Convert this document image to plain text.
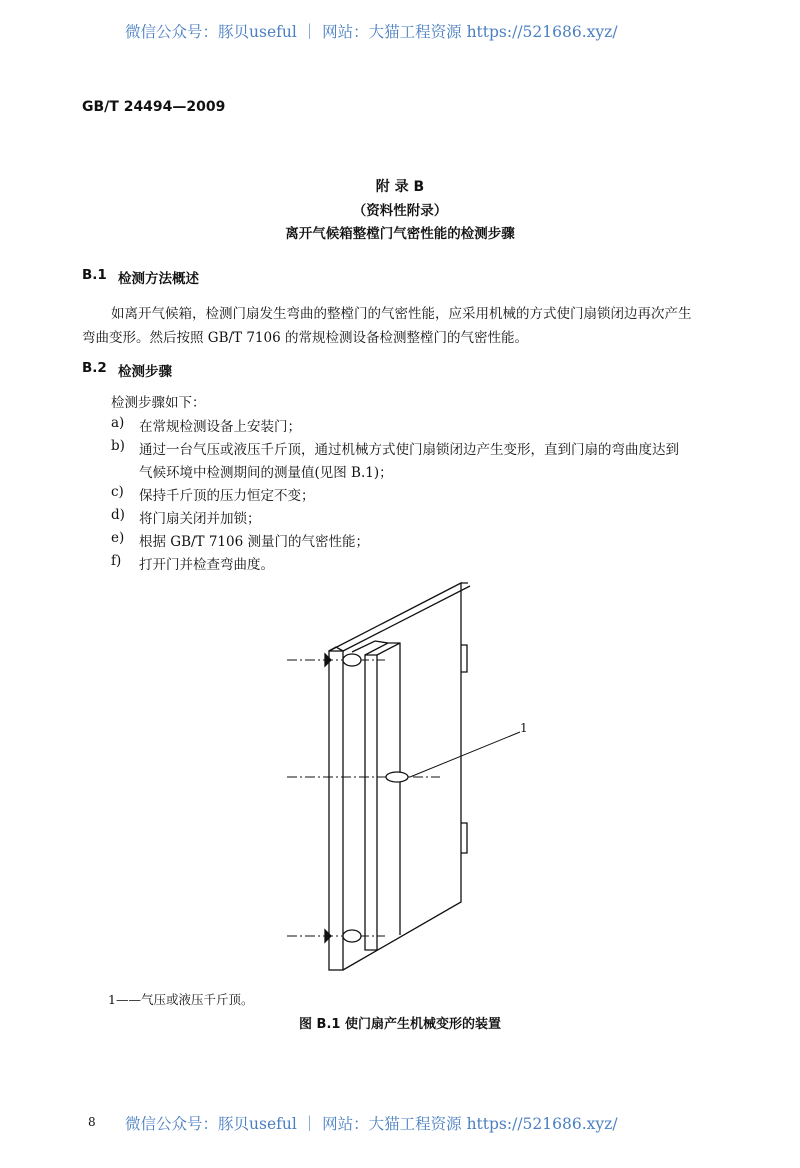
微信公众号：豚贝useful ｜ 网站：大猫工程资源 https://521686.xyz/
GB/T 24494—2009
附 录 B
（资料性附录）
离开气候箱整樘门气密性能的检测步骤
B.1 检测方法概述
如离开气候箱，检测门扇发生弯曲的整樘门的气密性能，应采用机械的方式使门扇锁闭边再次产生
弯曲变形。然后按照 GB/T 7106 的常规检测设备检测整樘门的气密性能。
B.2 检测步骤
检测步骤如下：
a) 在常规检测设备上安装门；
b) 通过一台气压或液压千斤顶，通过机械方式使门扇锁闭边产生变形，直到门扇的弯曲度达到
气候环境中检测期间的测量值(见图 B.1)；
c) 保持千斤顶的压力恒定不变；
d) 将门扇关闭并加锁；
e) 根据 GB/T 7106 测量门的气密性能；
f) 打开门并检查弯曲度。
1
1——气压或液压千斤顶。
图 B.1 使门扇产生机械变形的装置
8 微信公众号：豚贝useful ｜ 网站：大猫工程资源 https://521686.xyz/
